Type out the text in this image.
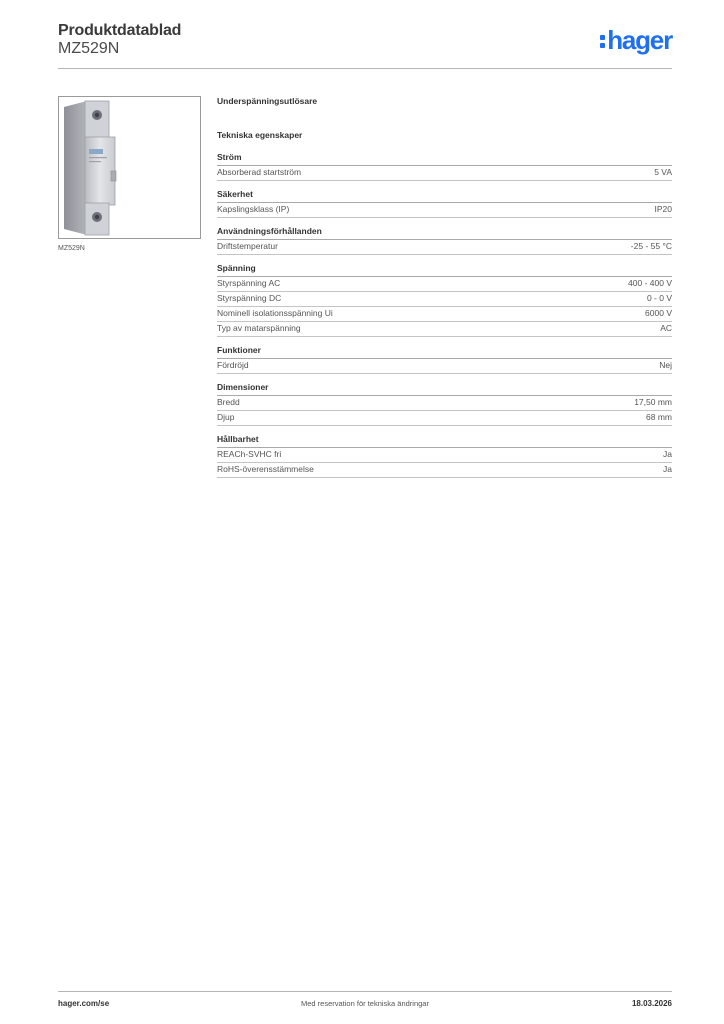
Produktdatablad
MZ529N	hager
MZ529N
Underspänningsutlösare
Tekniska egenskaper
Ström
Absorberad startström	5 VA
Säkerhet
Kapslingsklass (IP)	IP20
Användningsförhållanden
Driftstemperatur	-25 - 55 °C
Spänning
Styrspänning AC	400 - 400 V
Styrspänning DC	0 - 0 V
Nominell isolationsspänning Ui	6000 V
Typ av matarspänning	AC
Funktioner
Fördröjd	Nej
Dimensioner
Bredd	17,50 mm
Djup	68 mm
Hållbarhet
REACh-SVHC fri	Ja
RoHS-överensstämmelse	Ja
hager.com/se	Med reservation för tekniska ändringar	18.03.2026
